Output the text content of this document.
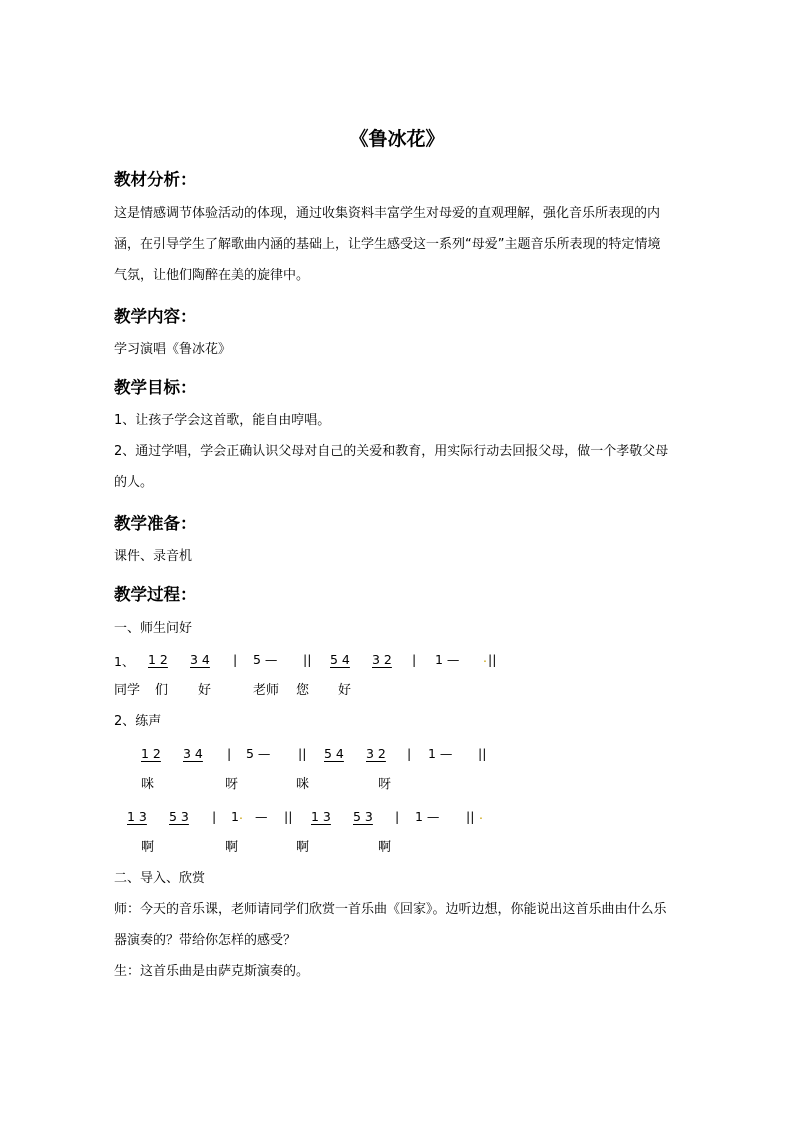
《鲁冰花》
教材分析：
这是情感调节体验活动的体现，通过收集资料丰富学生对母爱的直观理解，强化音乐所表现的内涵，在引导学生了解歌曲内涵的基础上，让学生感受这一系列“母爱”主题音乐所表现的特定情境气氛，让他们陶醉在美的旋律中。
教学内容：
学习演唱《鲁冰花》
教学目标：
1、让孩子学会这首歌，能自由哼唱。
2、通过学唱，学会正确认识父母对自己的关爱和教育，用实际行动去回报父母，做一个孝敬父母的人。
教学准备：
课件、录音机
教学过程：
一、师生问好
1、 1 2 3 4 | 5 — || 5 4 3 2 | 1 — . ||
同学 们 好	老师 您 好
2、练声
1 2 3 4 | 5 — || 5 4 3 2 | 1 — ||
咪	呀	咪	呀
1 3 5 3 | 1 . — || 1 3 5 3 | 1 — || .
啊	啊	啊	啊
二、导入、欣赏
师：今天的音乐课，老师请同学们欣赏一首乐曲《回家》。边听边想，你能说出这首乐曲由什么乐器演奏的？带给你怎样的感受？
生：这首乐曲是由萨克斯演奏的。
